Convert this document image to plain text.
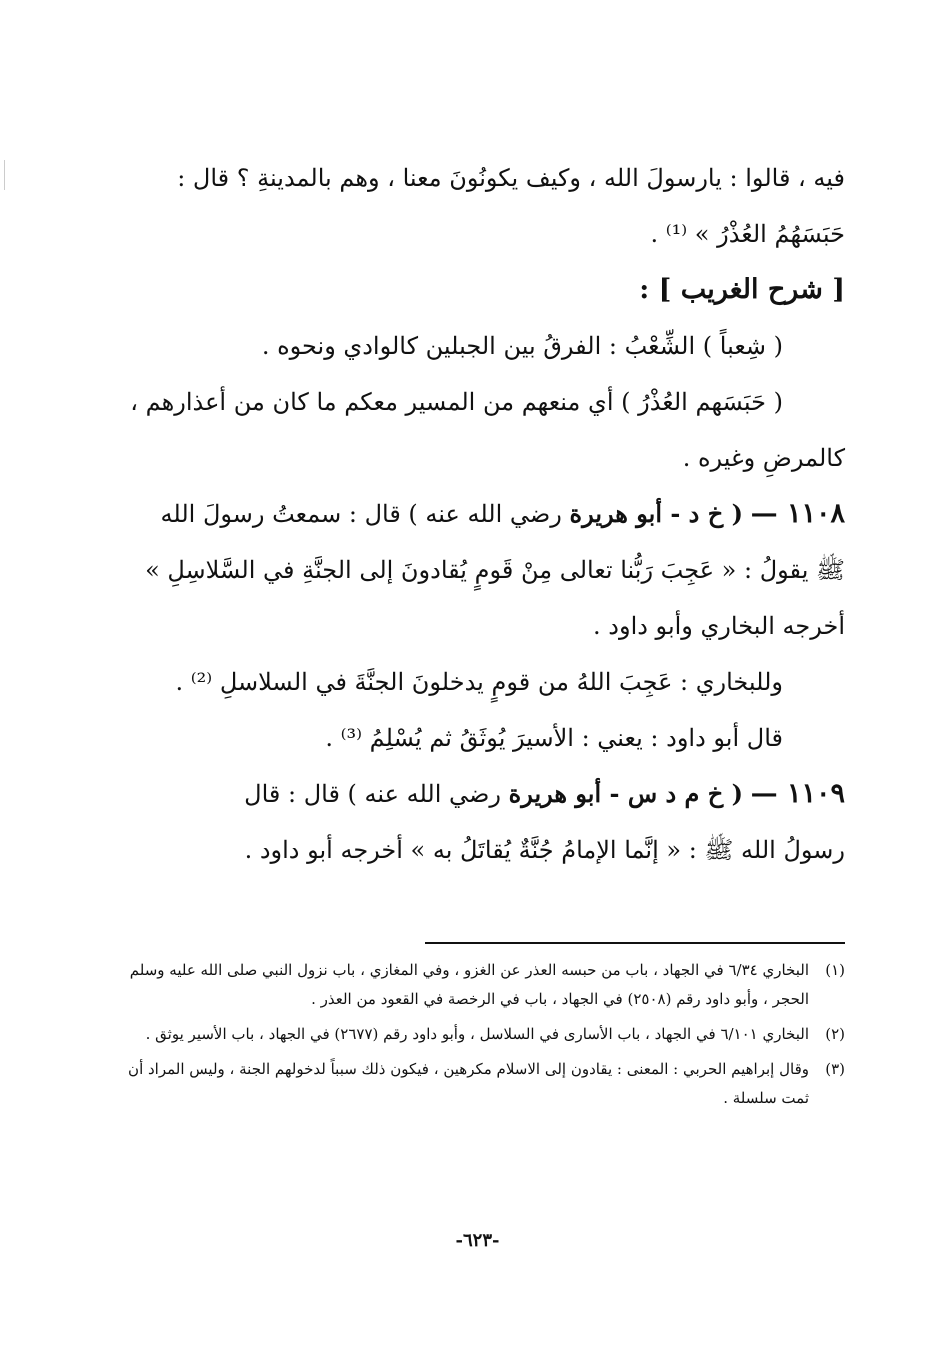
فيه ، قالوا : يارسولَ الله ، وكيف يكونُونَ معنا ، وهم بالمدينةِ ؟ قال :

حَبَسَهُمُ العُذْرُ » ⁽¹⁾ .

[ شرح الغريب ] :

( شِعباً ) الشِّعْبُ : الفرقُ بين الجبلين كالوادي ونحوه .

( حَبَسَهم العُذْرُ ) أي منعهم من المسير معكم ما كان من أعذارهم ،

كالمرضِ وغيره .

١١٠٨ — ( خ د - أبو هريرة رضي الله عنه ) قال : سمعتُ رسولَ الله

ﷺ يقولُ : « عَجِبَ رَبُّنا تعالى مِنْ قَومٍ يُقادونَ إلى الجنَّةِ في السَّلاسِلِ »

أخرجه البخاري وأبو داود .

وللبخاري : عَجِبَ اللهُ من قومٍ يدخلونَ الجنَّةَ في السلاسلِ ⁽²⁾ .

قال أبو داود : يعني : الأسيرَ يُوثَقُ ثم يُسْلِمُ ⁽³⁾ .

١١٠٩ — ( خ م د س - أبو هريرة رضي الله عنه ) قال : قال

رسولُ الله ﷺ : « إنَّما الإمامُ جُنَّةٌ يُقاتَلُ به » أخرجه أبو داود .

(١)
البخاري ٦/٣٤ في الجهاد ، باب من حبسه العذر عن الغزو ، وفي المغازي ، باب نزول النبي صلى الله عليه وسلم الحجر ، وأبو داود رقم (٢٥٠٨) في الجهاد ، باب في الرخصة في القعود من العذر .
(٢)
البخاري ٦/١٠١ في الجهاد ، باب الأسارى في السلاسل ، وأبو داود رقم (٢٦٧٧) في الجهاد ، باب الأسير يوثق .
(٣)
وقال إبراهيم الحربي : المعنى : يقادون إلى الاسلام مكرهين ، فيكون ذلك سبباً لدخولهم الجنة ، وليس المراد أن ثمت سلسلة .
-٦٢٣-
